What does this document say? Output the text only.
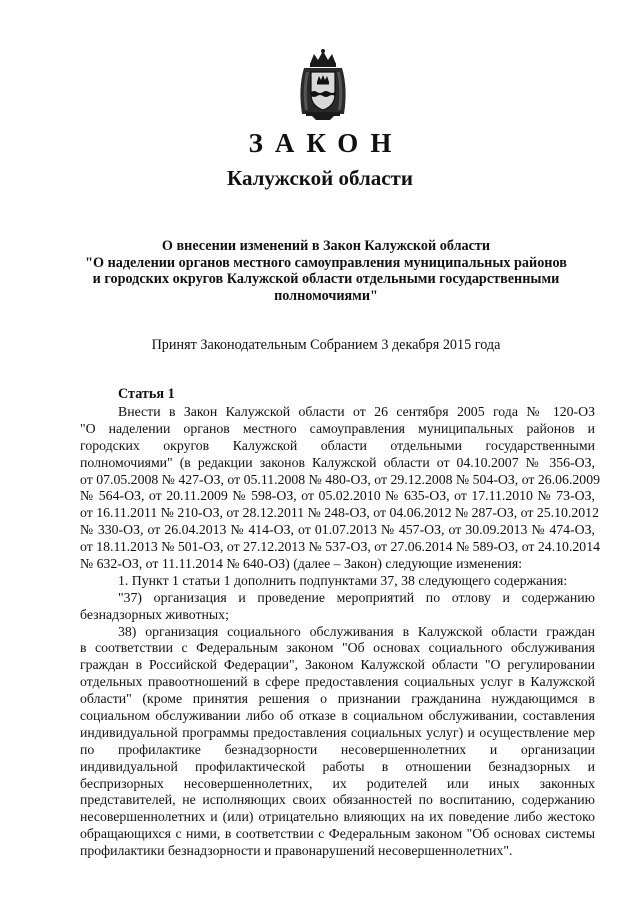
ЗАКОН
Калужской области
О внесении изменений в Закон Калужской области
"О наделении органов местного самоуправления муниципальных районов
и городских округов Калужской области отдельными государственными
полномочиями"
Принят Законодательным Собранием 3 декабря 2015 года
Статья 1
Внести в Закон Калужской области от 26 сентября 2005 года № 120-ОЗ
"О наделении органов местного самоуправления муниципальных районов и
городских округов Калужской области отдельными государственными
полномочиями" (в редакции законов Калужской области от 04.10.2007 № 356-ОЗ,
от 07.05.2008 № 427-ОЗ, от 05.11.2008 № 480-ОЗ, от 29.12.2008 № 504-ОЗ, от 26.06.2009
№ 564-ОЗ, от 20.11.2009 № 598-ОЗ, от 05.02.2010 № 635-ОЗ, от 17.11.2010 № 73-ОЗ,
от 16.11.2011 № 210-ОЗ, от 28.12.2011 № 248-ОЗ, от 04.06.2012 № 287-ОЗ, от 25.10.2012
№ 330-ОЗ, от 26.04.2013 № 414-ОЗ, от 01.07.2013 № 457-ОЗ, от 30.09.2013 № 474-ОЗ,
от 18.11.2013 № 501-ОЗ, от 27.12.2013 № 537-ОЗ, от 27.06.2014 № 589-ОЗ, от 24.10.2014
№ 632-ОЗ, от 11.11.2014 № 640-ОЗ) (далее – Закон) следующие изменения:
1. Пункт 1 статьи 1 дополнить подпунктами 37, 38 следующего содержания:
"37) организация и проведение мероприятий по отлову и содержанию
безнадзорных животных;
38) организация социального обслуживания в Калужской области граждан
в соответствии с Федеральным законом "Об основах социального обслуживания
граждан в Российской Федерации", Законом Калужской области "О регулировании
отдельных правоотношений в сфере предоставления социальных услуг в Калужской
области" (кроме принятия решения о признании гражданина нуждающимся в
социальном обслуживании либо об отказе в социальном обслуживании, составления
индивидуальной программы предоставления социальных услуг) и осуществление мер
по профилактике безнадзорности несовершеннолетних и организации
индивидуальной профилактической работы в отношении безнадзорных и
беспризорных несовершеннолетних, их родителей или иных законных
представителей, не исполняющих своих обязанностей по воспитанию, содержанию
несовершеннолетних и (или) отрицательно влияющих на их поведение либо жестоко
обращающихся с ними, в соответствии с Федеральным законом "Об основах системы
профилактики безнадзорности и правонарушений несовершеннолетних".
